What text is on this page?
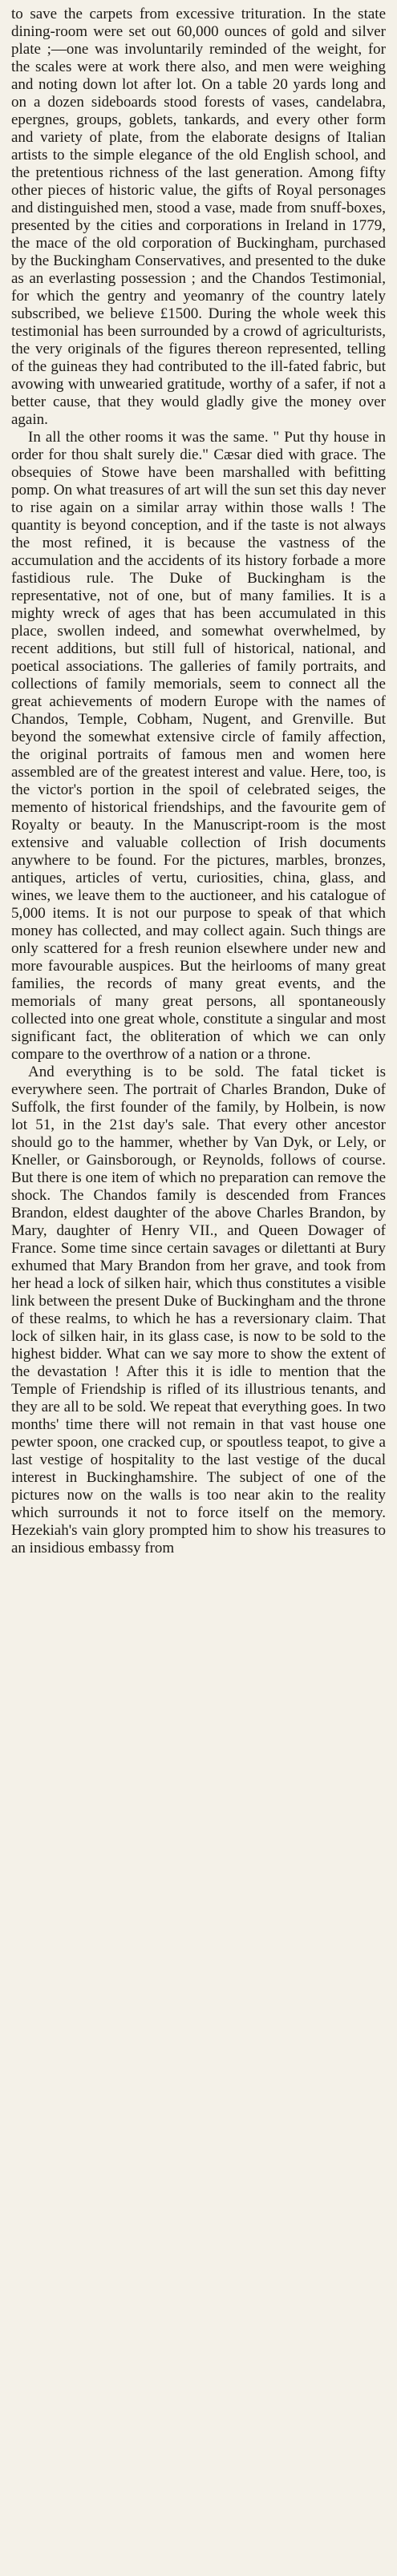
to save the carpets from excessive trituration. In the state dining-room were set out 60,000 ounces of gold and silver plate ;—one was involuntarily reminded of the weight, for the scales were at work there also, and men were weighing and noting down lot after lot. On a table 20 yards long and on a dozen sideboards stood forests of vases, candelabra, epergnes, groups, goblets, tankards, and every other form and variety of plate, from the elaborate designs of Italian artists to the simple elegance of the old English school, and the pretentious richness of the last generation. Among fifty other pieces of historic value, the gifts of Royal personages and distinguished men, stood a vase, made from snuff-boxes, presented by the cities and corporations in Ireland in 1779, the mace of the old corporation of Buckingham, purchased by the Buckingham Conservatives, and presented to the duke as an everlasting possession ; and the Chandos Testimonial, for which the gentry and yeomanry of the country lately subscribed, we believe £1500. During the whole week this testimonial has been surrounded by a crowd of agriculturists, the very originals of the figures thereon represented, telling of the guineas they had contributed to the ill-fated fabric, but avowing with unwearied gratitude, worthy of a safer, if not a better cause, that they would gladly give the money over again.

In all the other rooms it was the same. " Put thy house in order for thou shalt surely die." Cæsar died with grace. The obsequies of Stowe have been marshalled with befitting pomp. On what treasures of art will the sun set this day never to rise again on a similar array within those walls ! The quantity is beyond conception, and if the taste is not always the most refined, it is because the vastness of the accumulation and the accidents of its history forbade a more fastidious rule. The Duke of Buckingham is the representative, not of one, but of many families. It is a mighty wreck of ages that has been accumulated in this place, swollen indeed, and somewhat overwhelmed, by recent additions, but still full of historical, national, and poetical associations. The galleries of family portraits, and collections of family memorials, seem to connect all the great achievements of modern Europe with the names of Chandos, Temple, Cobham, Nugent, and Grenville. But beyond the somewhat extensive circle of family affection, the original portraits of famous men and women here assembled are of the greatest interest and value. Here, too, is the victor's portion in the spoil of celebrated seiges, the memento of historical friendships, and the favourite gem of Royalty or beauty. In the Manuscript-room is the most extensive and valuable collection of Irish documents anywhere to be found. For the pictures, marbles, bronzes, antiques, articles of vertu, curiosities, china, glass, and wines, we leave them to the auctioneer, and his catalogue of 5,000 items. It is not our purpose to speak of that which money has collected, and may collect again. Such things are only scattered for a fresh reunion elsewhere under new and more favourable auspices. But the heirlooms of many great families, the records of many great events, and the memorials of many great persons, all spontaneously collected into one great whole, constitute a singular and most significant fact, the obliteration of which we can only compare to the overthrow of a nation or a throne.

And everything is to be sold. The fatal ticket is everywhere seen. The portrait of Charles Brandon, Duke of Suffolk, the first founder of the family, by Holbein, is now lot 51, in the 21st day's sale. That every other ancestor should go to the hammer, whether by Van Dyk, or Lely, or Kneller, or Gainsborough, or Reynolds, follows of course. But there is one item of which no preparation can remove the shock. The Chandos family is descended from Frances Brandon, eldest daughter of the above Charles Brandon, by Mary, daughter of Henry VII., and Queen Dowager of France. Some time since certain savages or dilettanti at Bury exhumed that Mary Brandon from her grave, and took from her head a lock of silken hair, which thus constitutes a visible link between the present Duke of Buckingham and the throne of these realms, to which he has a reversionary claim. That lock of silken hair, in its glass case, is now to be sold to the highest bidder. What can we say more to show the extent of the devastation ! After this it is idle to mention that the Temple of Friendship is rifled of its illustrious tenants, and they are all to be sold. We repeat that everything goes. In two months' time there will not remain in that vast house one pewter spoon, one cracked cup, or spoutless teapot, to give a last vestige of hospitality to the last vestige of the ducal interest in Buckinghamshire. The subject of one of the pictures now on the walls is too near akin to the reality which surrounds it not to force itself on the memory. Hezekiah's vain glory prompted him to show his treasures to an insidious embassy from
